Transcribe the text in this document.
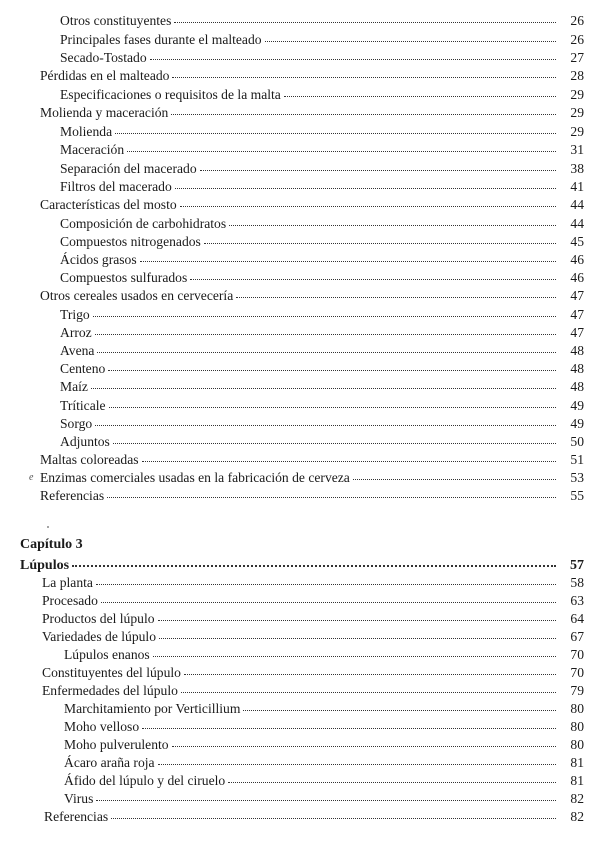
Otros constituyentes	26
Principales fases durante el malteado	26
Secado-Tostado	27
Pérdidas en el malteado	28
Especificaciones o requisitos de la malta	29
Molienda y maceración	29
Molienda	29
Maceración	31
Separación del macerado	38
Filtros del macerado	41
Características del mosto	44
Composición de carbohidratos	44
Compuestos nitrogenados	45
Ácidos grasos	46
Compuestos sulfurados	46
Otros cereales usados en cervecería	47
Trigo	47
Arroz	47
Avena	48
Centeno	48
Maíz	48
Tríticale	49
Sorgo	49
Adjuntos	50
Maltas coloreadas	51
e Enzimas comerciales usadas en la fabricación de cerveza	53
Referencias	55
Capítulo 3
Lúpulos	57
La planta	58
Procesado	63
Productos del lúpulo	64
Variedades de lúpulo	67
Lúpulos enanos	70
Constituyentes del lúpulo	70
Enfermedades del lúpulo	79
Marchitamiento por Verticillium	80
Moho velloso	80
Moho pulverulento	80
Ácaro araña roja	81
Áfido del lúpulo y del ciruelo	81
Virus	82
Referencias	82
